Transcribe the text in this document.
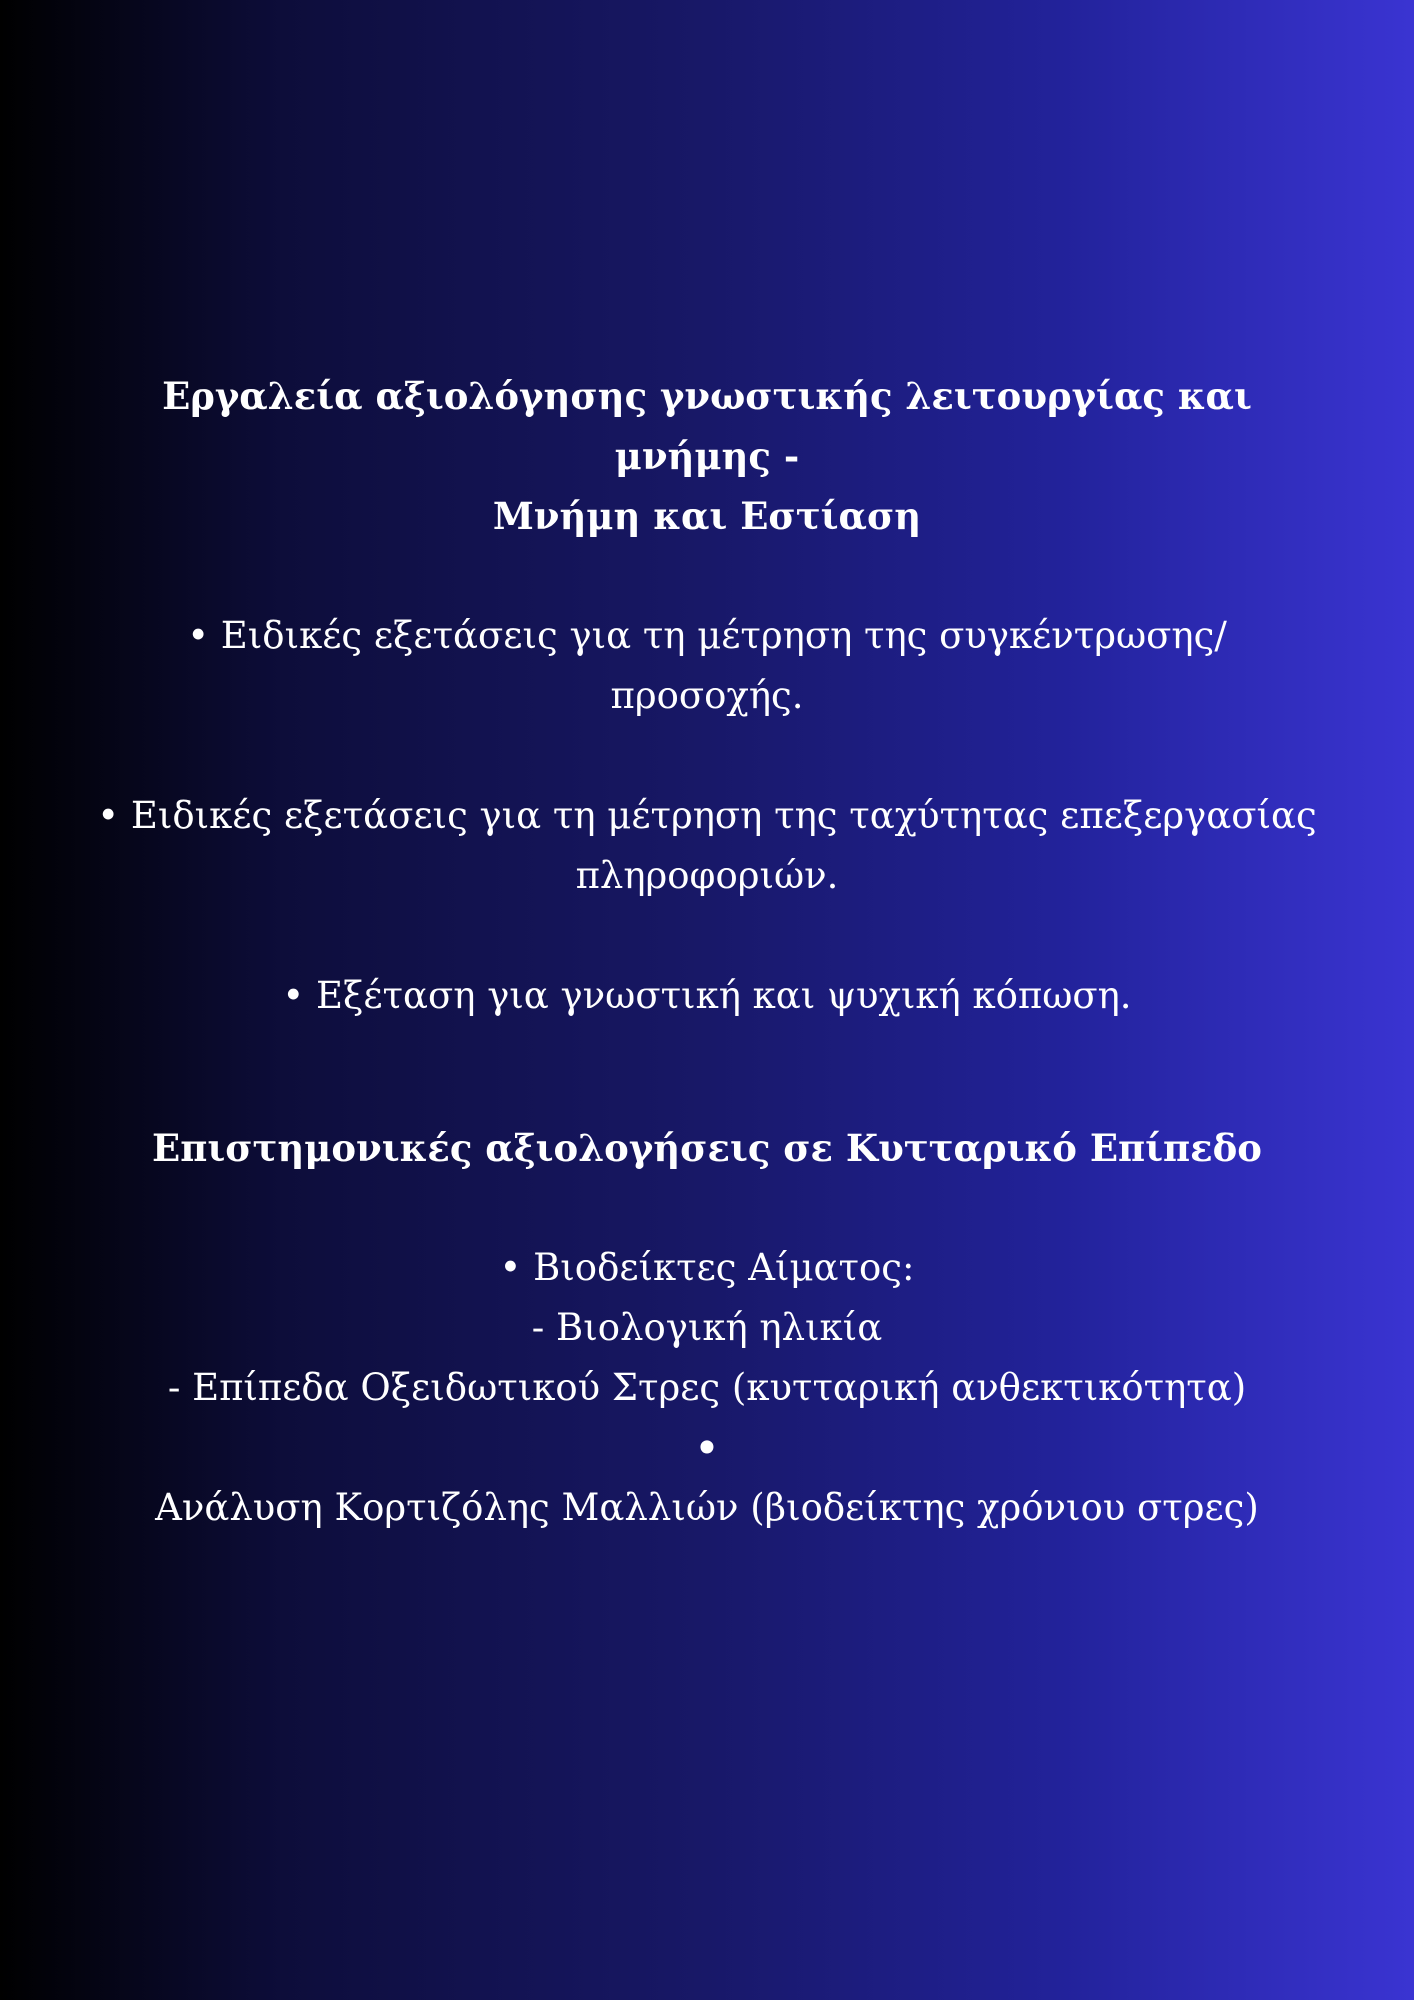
Εργαλεία αξιολόγησης γνωστικής λειτουργίας και μνήμης -
Μνήμη και Εστίαση

• Ειδικές εξετάσεις για τη μέτρηση της συγκέντρωσης/
προσοχής.

• Ειδικές εξετάσεις για τη μέτρηση της ταχύτητας επεξεργασίας
πληροφοριών.

• Εξέταση για γνωστική και ψυχική κόπωση.

Επιστημονικές αξιολογήσεις σε Κυτταρικό Επίπεδο

• Βιοδείκτες Αίματος:

- Βιολογική ηλικία

- Επίπεδα Οξειδωτικού Στρες (κυτταρική ανθεκτικότητα)

•

Ανάλυση Κορτιζόλης Μαλλιών (βιοδείκτης χρόνιου στρες)
